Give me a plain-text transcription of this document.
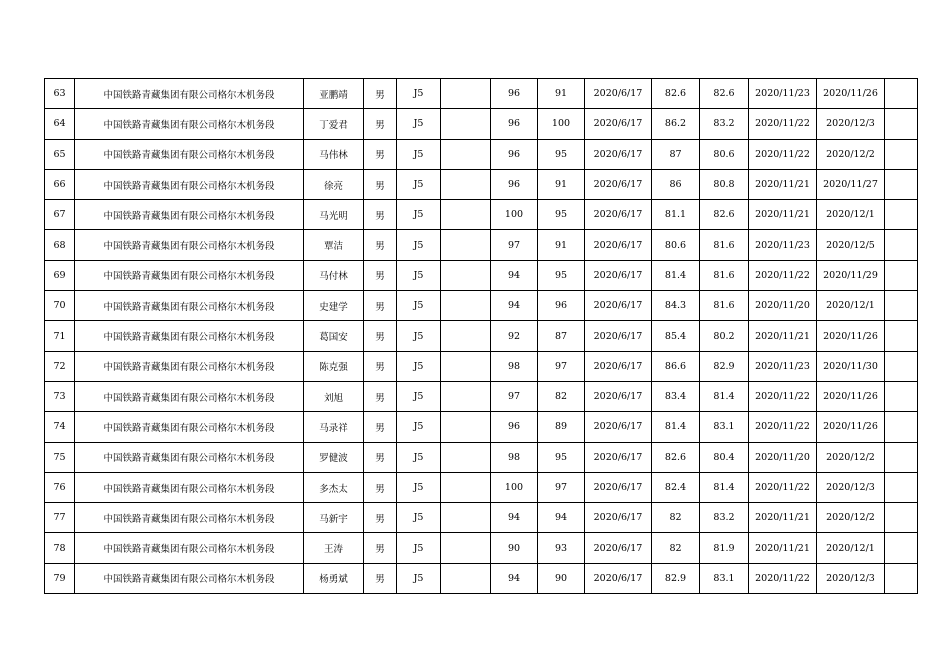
63	中国铁路青藏集团有限公司格尔木机务段	亚鹏靖	男	J5		96	91	2020/6/17	82.6	82.6	2020/11/23	2020/11/26	
64	中国铁路青藏集团有限公司格尔木机务段	丁爱君	男	J5		96	100	2020/6/17	86.2	83.2	2020/11/22	2020/12/3	
65	中国铁路青藏集团有限公司格尔木机务段	马伟林	男	J5		96	95	2020/6/17	87	80.6	2020/11/22	2020/12/2	
66	中国铁路青藏集团有限公司格尔木机务段	徐亮	男	J5		96	91	2020/6/17	86	80.8	2020/11/21	2020/11/27	
67	中国铁路青藏集团有限公司格尔木机务段	马光明	男	J5		100	95	2020/6/17	81.1	82.6	2020/11/21	2020/12/1	
68	中国铁路青藏集团有限公司格尔木机务段	覃洁	男	J5		97	91	2020/6/17	80.6	81.6	2020/11/23	2020/12/5	
69	中国铁路青藏集团有限公司格尔木机务段	马付林	男	J5		94	95	2020/6/17	81.4	81.6	2020/11/22	2020/11/29	
70	中国铁路青藏集团有限公司格尔木机务段	史建学	男	J5		94	96	2020/6/17	84.3	81.6	2020/11/20	2020/12/1	
71	中国铁路青藏集团有限公司格尔木机务段	葛国安	男	J5		92	87	2020/6/17	85.4	80.2	2020/11/21	2020/11/26	
72	中国铁路青藏集团有限公司格尔木机务段	陈克强	男	J5		98	97	2020/6/17	86.6	82.9	2020/11/23	2020/11/30	
73	中国铁路青藏集团有限公司格尔木机务段	刘旭	男	J5		97	82	2020/6/17	83.4	81.4	2020/11/22	2020/11/26	
74	中国铁路青藏集团有限公司格尔木机务段	马录祥	男	J5		96	89	2020/6/17	81.4	83.1	2020/11/22	2020/11/26	
75	中国铁路青藏集团有限公司格尔木机务段	罗健波	男	J5		98	95	2020/6/17	82.6	80.4	2020/11/20	2020/12/2	
76	中国铁路青藏集团有限公司格尔木机务段	多杰太	男	J5		100	97	2020/6/17	82.4	81.4	2020/11/22	2020/12/3	
77	中国铁路青藏集团有限公司格尔木机务段	马新宇	男	J5		94	94	2020/6/17	82	83.2	2020/11/21	2020/12/2	
78	中国铁路青藏集团有限公司格尔木机务段	王涛	男	J5		90	93	2020/6/17	82	81.9	2020/11/21	2020/12/1	
79	中国铁路青藏集团有限公司格尔木机务段	杨勇斌	男	J5		94	90	2020/6/17	82.9	83.1	2020/11/22	2020/12/3	
